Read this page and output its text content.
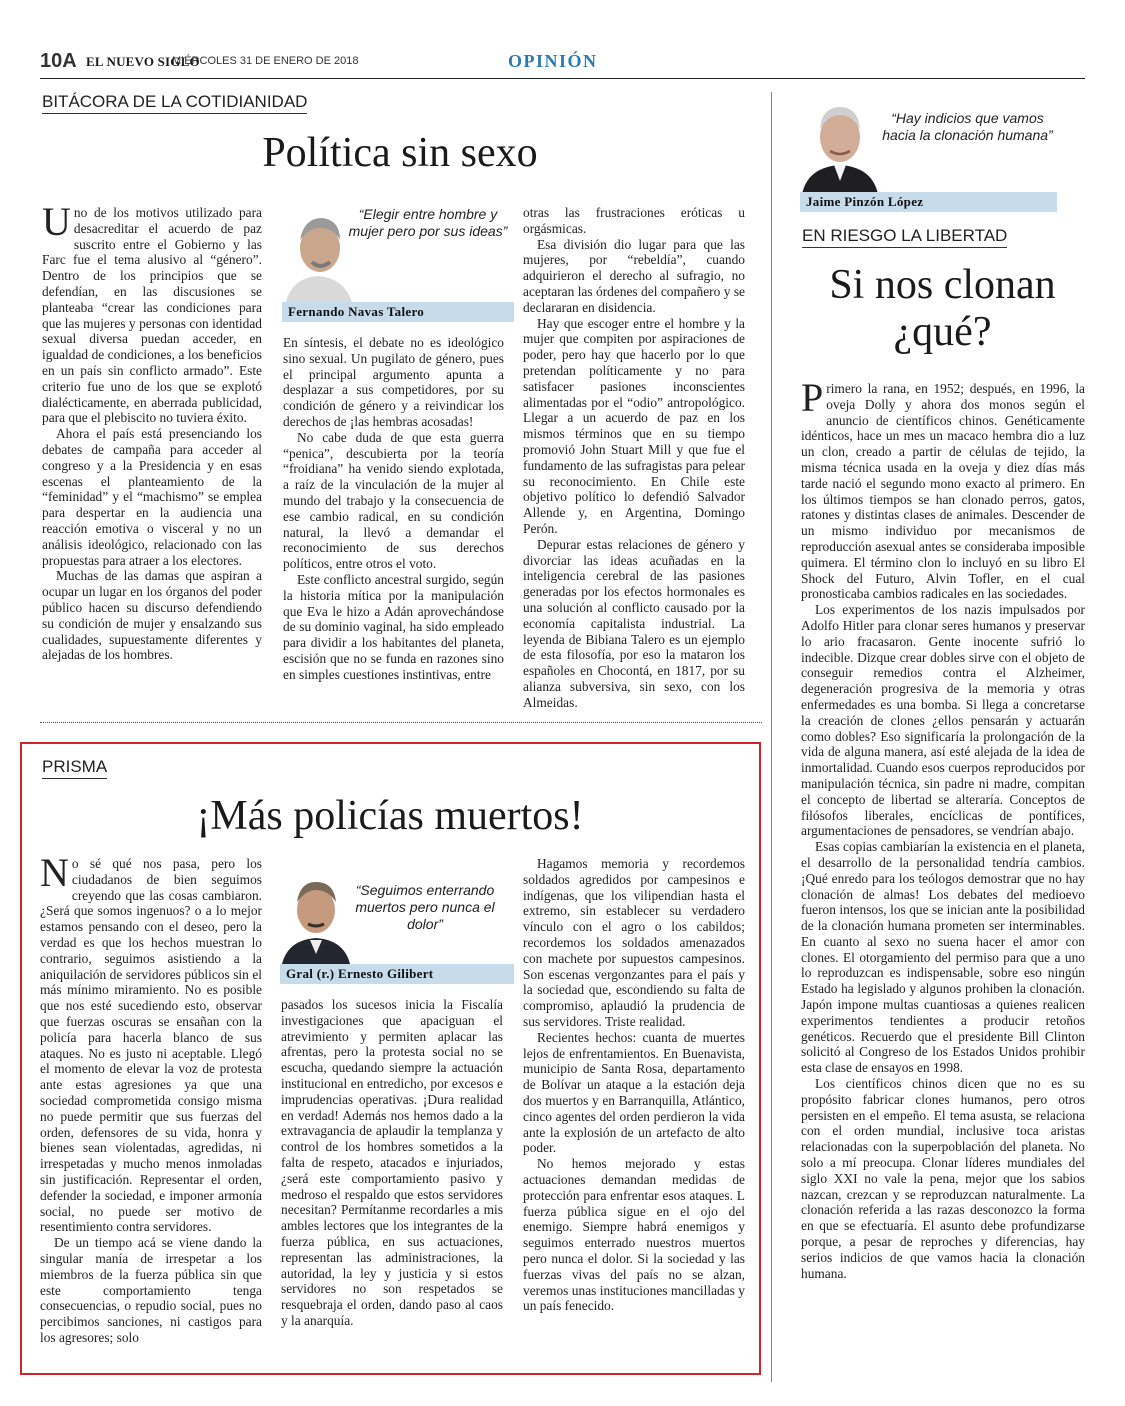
10A EL NUEVO SIGLO
MIÉRCOLES 31 DE ENERO DE 2018	OPINIÓN
BITÁCORA DE LA COTIDIANIDAD
Política sin sexo

Uno de los motivos utilizado para desacreditar el acuerdo de paz suscrito entre el Gobierno y las Farc fue el tema alusivo al “género”. Dentro de los principios que se defendían, en las discusiones se planteaba “crear las condiciones para que las mujeres y personas con identidad sexual diversa puedan acceder, en igualdad de condiciones, a los beneficios en un país sin conflicto armado”. Este criterio fue uno de los que se explotó dialécticamente, en aberrada publicidad, para que el plebiscito no tuviera éxito.

Ahora el país está presenciando los debates de campaña para acceder al congreso y a la Presidencia y en esas escenas el planteamiento de la “feminidad” y el “machismo” se emplea para despertar en la audiencia una reacción emotiva o visceral y no un análisis ideológico, relacionado con las propuestas para atraer a los electores.

Muchas de las damas que aspiran a ocupar un lugar en los órganos del poder público hacen su discurso defendiendo su condición de mujer y ensalzando sus cualidades, supuestamente diferentes y alejadas de los hombres.

“Elegir entre hombre y mujer pero por sus ideas”
Fernando Navas Talero

En síntesis, el debate no es ideológico sino sexual. Un pugilato de género, pues el principal argumento apunta a desplazar a sus competidores, por su condición de género y a reivindicar los derechos de ¡las hembras acosadas!

No cabe duda de que esta guerra “penica”, descubierta por la teoría “froidiana” ha venido siendo explotada, a raíz de la vinculación de la mujer al mundo del trabajo y la consecuencia de ese cambio radical, en su condición natural, la llevó a demandar el reconocimiento de sus derechos políticos, entre otros el voto.

Este conflicto ancestral surgido, según la historia mítica por la manipulación que Eva le hizo a Adán aprovechándose de su dominio vaginal, ha sido empleado para dividir a los habitantes del planeta, escisión que no se funda en razones sino en simples cuestiones instintivas, entre

otras las frustraciones eróticas u orgásmicas.

Esa división dio lugar para que las mujeres, por “rebeldía”, cuando adquirieron el derecho al sufragio, no aceptaran las órdenes del compañero y se declararan en disidencia.

Hay que escoger entre el hombre y la mujer que compiten por aspiraciones de poder, pero hay que hacerlo por lo que pretendan políticamente y no para satisfacer pasiones inconscientes alimentadas por el “odio” antropológico. Llegar a un acuerdo de paz en los mismos términos que en su tiempo promovió John Stuart Mill y que fue el fundamento de las sufragistas para pelear su reconocimiento. En Chile este objetivo político lo defendió Salvador Allende y, en Argentina, Domingo Perón.

Depurar estas relaciones de género y divorciar las ideas acuñadas en la inteligencia cerebral de las pasiones generadas por los efectos hormonales es una solución al conflicto causado por la economía capitalista industrial. La leyenda de Bibiana Talero es un ejemplo de esta filosofía, por eso la mataron los españoles en Chocontá, en 1817, por su alianza subversiva, sin sexo, con los Almeidas.

PRISMA
¡Más policías muertos!

No sé qué nos pasa, pero los ciudadanos de bien seguimos creyendo que las cosas cambiaron. ¿Será que somos ingenuos? o a lo mejor estamos pensando con el deseo, pero la verdad es que los hechos muestran lo contrario, seguimos asistiendo a la aniquilación de servidores públicos sin el más mínimo miramiento. No es posible que nos esté sucediendo esto, observar que fuerzas oscuras se ensañan con la policía para hacerla blanco de sus ataques. No es justo ni aceptable. Llegó el momento de elevar la voz de protesta ante estas agresiones ya que una sociedad comprometida consigo misma no puede permitir que sus fuerzas del orden, defensores de su vida, honra y bienes sean violentadas, agredidas, ni irrespetadas y mucho menos inmoladas sin justificación. Representar el orden, defender la sociedad, e imponer armonía social, no puede ser motivo de resentimiento contra servidores.

De un tiempo acá se viene dando la singular manía de irrespetar a los miembros de la fuerza pública sin que este comportamiento tenga consecuencias, o repudio social, pues no percibimos sanciones, ni castigos para los agresores; solo

“Seguimos enterrando muertos pero nunca el dolor”
Gral (r.) Ernesto Gilibert

pasados los sucesos inicia la Fiscalía investigaciones que apaciguan el atrevimiento y permiten aplacar las afrentas, pero la protesta social no se escucha, quedando siempre la actuación institucional en entredicho, por excesos e imprudencias operativas. ¡Dura realidad en verdad! Además nos hemos dado a la extravagancia de aplaudir la templanza y control de los hombres sometidos a la falta de respeto, atacados e injuriados, ¿será este comportamiento pasivo y medroso el respaldo que estos servidores necesitan? Permítanme recordarles a mis ambles lectores que los integrantes de la fuerza pública, en sus actuaciones, representan las administraciones, la autoridad, la ley y justicia y si estos servidores no son respetados se resquebraja el orden, dando paso al caos y la anarquía.

Hagamos memoria y recordemos soldados agredidos por campesinos e indígenas, que los vilipendian hasta el extremo, sin establecer su verdadero vínculo con el agro o los cabildos; recordemos los soldados amenazados con machete por supuestos campesinos. Son escenas vergonzantes para el país y la sociedad que, escondiendo su falta de compromiso, aplaudió la prudencia de sus servidores. Triste realidad.

Recientes hechos: cuanta de muertes lejos de enfrentamientos. En Buenavista, municipio de Santa Rosa, departamento de Bolívar un ataque a la estación deja dos muertos y en Barranquilla, Atlántico, cinco agentes del orden perdieron la vida ante la explosión de un artefacto de alto poder.

No hemos mejorado y estas actuaciones demandan medidas de protección para enfrentar esos ataques. L fuerza pública sigue en el ojo del enemigo. Siempre habrá enemigos y seguimos enterrado nuestros muertos pero nunca el dolor. Si la sociedad y las fuerzas vivas del país no se alzan, veremos unas instituciones mancilladas y un país fenecido.

“Hay indicios que vamos hacia la clonación humana”
Jaime Pinzón López
EN RIESGO LA LIBERTAD
Si nos clonan
¿qué?

Primero la rana, en 1952; después, en 1996, la oveja Dolly y ahora dos monos según el anuncio de científicos chinos. Genéticamente idénticos, hace un mes un macaco hembra dio a luz un clon, creado a partir de células de tejido, la misma técnica usada en la oveja y diez días más tarde nació el segundo mono exacto al primero. En los últimos tiempos se han clonado perros, gatos, ratones y distintas clases de animales. Descender de un mismo individuo por mecanismos de reproducción asexual antes se consideraba imposible quimera. El término clon lo incluyó en su libro El Shock del Futuro, Alvin Tofler, en el cual pronosticaba cambios radicales en las sociedades.

Los experimentos de los nazis impulsados por Adolfo Hitler para clonar seres humanos y preservar lo ario fracasaron. Gente inocente sufrió lo indecible. Dizque crear dobles sirve con el objeto de conseguir remedios contra el Alzheimer, degeneración progresiva de la memoria y otras enfermedades es una bomba. Si llega a concretarse la creación de clones ¿ellos pensarán y actuarán como dobles? Eso significaría la prolongación de la vida de alguna manera, así esté alejada de la idea de inmortalidad. Cuando esos cuerpos reproducidos por manipulación técnica, sin padre ni madre, compitan el concepto de libertad se alteraría. Conceptos de filósofos liberales, encíclicas de pontífices, argumentaciones de pensadores, se vendrían abajo.

Esas copias cambiarían la existencia en el planeta, el desarrollo de la personalidad tendría cambios. ¡Qué enredo para los teólogos demostrar que no hay clonación de almas! Los debates del medioevo fueron intensos, los que se inician ante la posibilidad de la clonación humana prometen ser interminables. En cuanto al sexo no suena hacer el amor con clones. El otorgamiento del permiso para que a uno lo reproduzcan es indispensable, sobre eso ningún Estado ha legislado y algunos prohiben la clonación. Japón impone multas cuantiosas a quienes realicen experimentos tendientes a producir retoños genéticos. Recuerdo que el presidente Bill Clinton solicitó al Congreso de los Estados Unidos prohibir esta clase de ensayos en 1998.

Los científicos chinos dicen que no es su propósito fabricar clones humanos, pero otros persisten en el empeño. El tema asusta, se relaciona con el orden mundial, inclusive toca aristas relacionadas con la superpoblación del planeta. No solo a mí preocupa. Clonar líderes mundiales del siglo XXI no vale la pena, mejor que los sabios nazcan, crezcan y se reproduzcan naturalmente. La clonación referida a las razas desconozco la forma en que se efectuaría. El asunto debe profundizarse porque, a pesar de reproches y diferencias, hay serios indicios de que vamos hacia la clonación humana.
